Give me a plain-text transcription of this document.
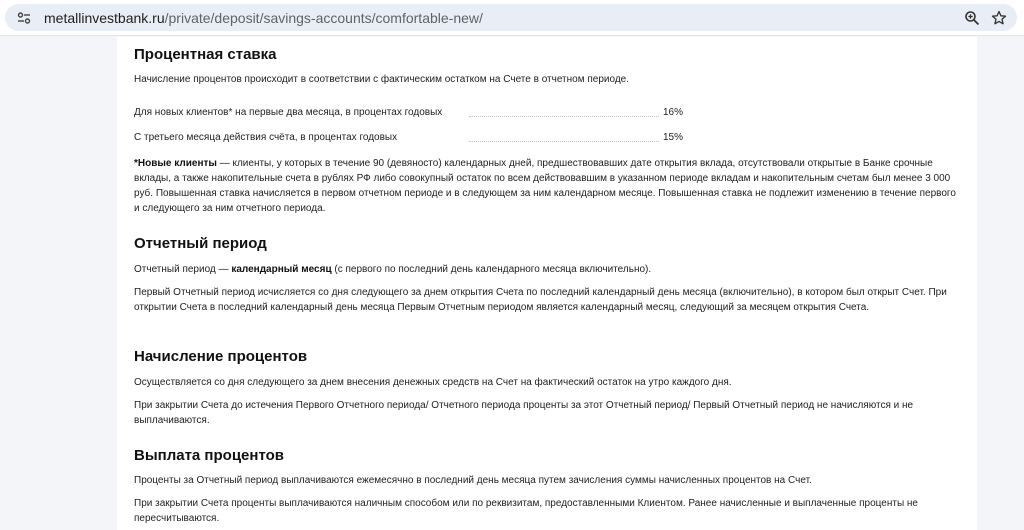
metallinvestbank.ru/private/deposit/savings-accounts/comfortable-new/
Процентная ставка
Начисление процентов происходит в соответствии с фактическим остатком на Счете в отчетном периоде.
Для новых клиентов* на первые два месяца, в процентах годовых	16%
С третьего месяца действия счёта, в процентах годовых	15%
*Новые клиенты — клиенты, у которых в течение 90 (девяносто) календарных дней, предшествовавших дате открытия вклада, отсутствовали открытые в Банке срочные вклады, а также накопительные счета в рублях РФ либо совокупный остаток по всем действовавшим в указанном периоде вкладам и накопительным счетам был менее 3 000 руб. Повышенная ставка начисляется в первом отчетном периоде и в следующем за ним календарном месяце. Повышенная ставка не подлежит изменению в течение первого и следующего за ним отчетного периода.
Отчетный период
Отчетный период — календарный месяц (с первого по последний день календарного месяца включительно).
Первый Отчетный период исчисляется со дня следующего за днем открытия Счета по последний календарный день месяца (включительно), в котором был открыт Счет. При открытии Счета в последний календарный день месяца Первым Отчетным периодом является календарный месяц, следующий за месяцем открытия Счета.
Начисление процентов
Осуществляется со дня следующего за днем внесения денежных средств на Счет на фактический остаток на утро каждого дня.
При закрытии Счета до истечения Первого Отчетного периода/ Отчетного периода проценты за этот Отчетный период/ Первый Отчетный период не начисляются и не выплачиваются.
Выплата процентов
Проценты за Отчетный период выплачиваются ежемесячно в последний день месяца путем зачисления суммы начисленных процентов на Счет.
При закрытии Счета проценты выплачиваются наличным способом или по реквизитам, предоставленными Клиентом. Ранее начисленные и выплаченные проценты не пересчитываются.
